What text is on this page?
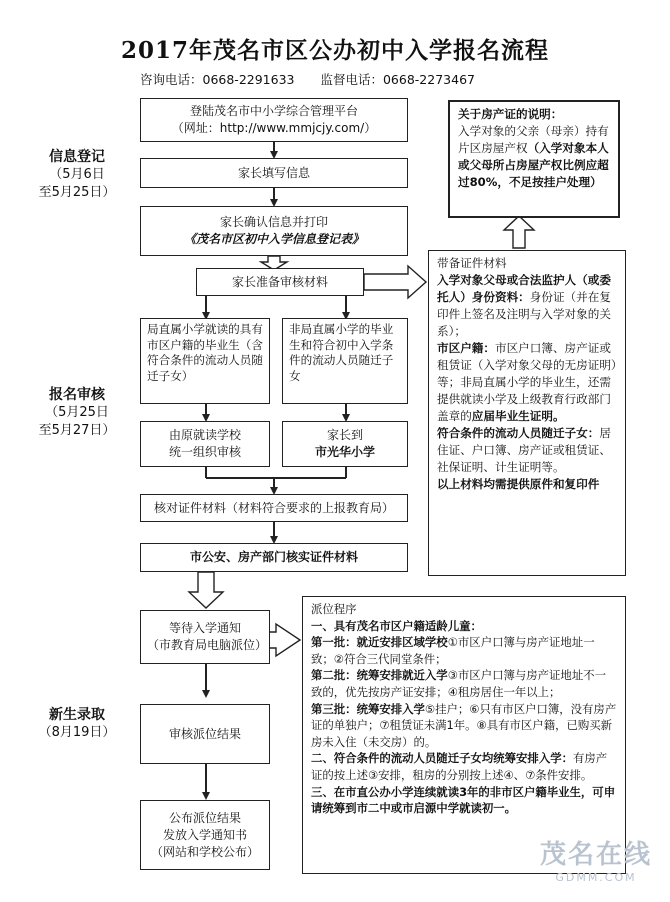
2017年茂名市区公办初中入学报名流程
咨询电话：0668-2291633 监督电话：0668-2273467
信息登记
（5月6日
至5月25日）
报名审核
（5月25日
至5月27日）
新生录取
（8月19日）
登陆茂名市中小学综合管理平台
（网址：http://www.mmjcjy.com/）
家长填写信息
家长确认信息并打印
《茂名市区初中入学信息登记表》
家长准备审核材料
局直属小学就读的具有市区户籍的毕业生（含符合条件的流动人员随迁子女）
非局直属小学的毕业生和符合初中入学条件的流动人员随迁子女
由原就读学校
统一组织审核
家长到
市光华小学
核对证件材料（材料符合要求的上报教育局）
市公安、房产部门核实证件材料
等待入学通知
（市教育局电脑派位）
审核派位结果
公布派位结果
发放入学通知书
（网站和学校公布）

关于房产证的说明：

入学对象的父亲（母亲）持有片区房屋产权（入学对象本人或父母所占房屋产权比例应超过80%，不足按挂户处理）

带备证件材料

入学对象父母或合法监护人（或委托人）身份资料：身份证（并在复印件上签名及注明与入学对象的关系）；

市区户籍：市区户口簿、房产证或租赁证（入学对象父母的无房证明）等；非局直属小学的毕业生，还需提供就读小学及上级教育行政部门盖章的应届毕业生证明。

符合条件的流动人员随迁子女：居住证、户口簿、房产证或租赁证、社保证明、计生证明等。

以上材料均需提供原件和复印件

派位程序

一、具有茂名市区户籍适龄儿童：

第一批：就近安排区域学校①市区户口簿与房产证地址一致；②符合三代同堂条件；

第二批：统筹安排就近入学③市区户口簿与房产证地址不一致的，优先按房产证安排；④租房居住一年以上；

第三批：统筹安排入学⑤挂户；⑥只有市区户口簿，没有房产证的单独户；⑦租赁证未满1年。⑧具有市区户籍，已购买新房未入住（未交房）的。

二、符合条件的流动人员随迁子女均统筹安排入学：有房产证的按上述③安排，租房的分别按上述④、⑦条件安排。

三、在市直公办小学连续就读3年的非市区户籍毕业生，可申请统筹到市二中或市启源中学就读初一。

茂名在线
GDMM.COM
